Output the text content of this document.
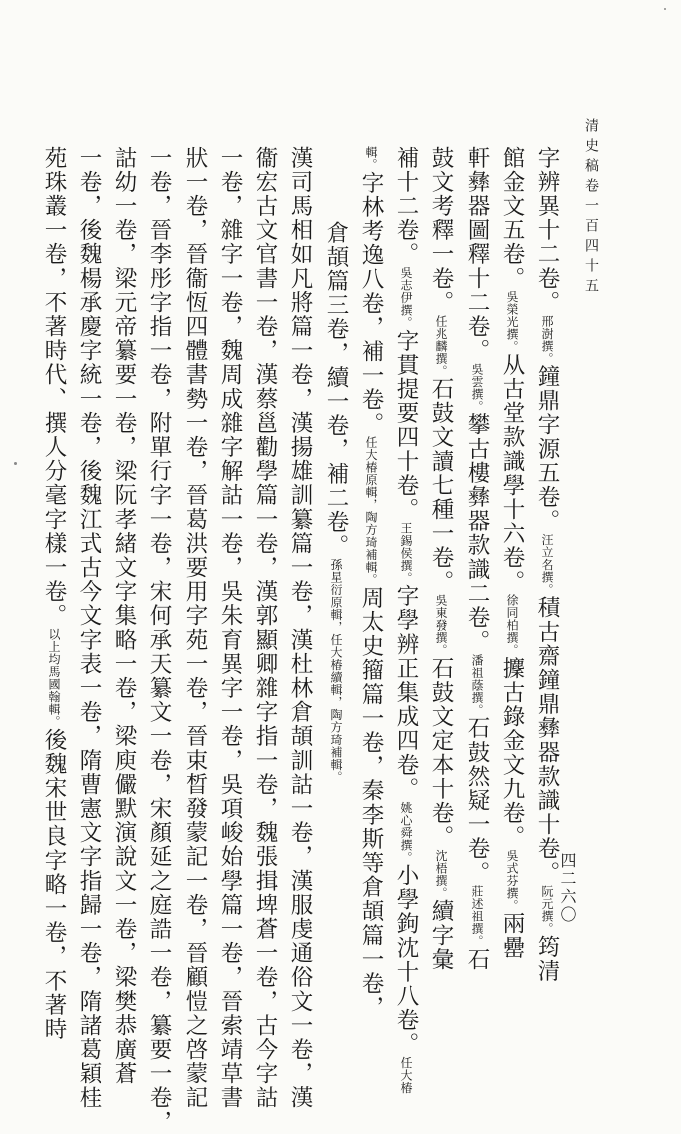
清史稿卷一百四十五
四二六〇
字辨異十二卷。邢澍撰。鐘鼎字源五卷。汪立名撰。積古齋鐘鼎彝器款識十卷。阮元撰。筠清
館金文五卷。吳榮光撰。从古堂款識學十六卷。徐同柏撰。攈古錄金文九卷。吳式芬撰。兩罍
軒彝器圖釋十二卷。吳雲撰。攀古樓彝器款識二卷。潘祖蔭撰。石鼓然疑一卷。莊述祖撰。石
鼓文考釋一卷。任兆麟撰。石鼓文讀七種一卷。吳東發撰。石鼓文定本十卷。沈梧撰。續字彙
補十二卷。吳志伊撰。字貫提要四十卷。王錫侯撰。字學辨正集成四卷。姚心舜撰。小學鉤沈十八卷。任大椿
輯。字林考逸八卷，補一卷。任大椿原輯，陶方琦補輯。周太史籀篇一卷，秦李斯等倉頡篇一卷，
倉頡篇三卷，續一卷，補二卷。孫星衍原輯，任大椿續輯，陶方琦補輯。
漢司馬相如凡將篇一卷，漢揚雄訓纂篇一卷，漢杜林倉頡訓詁一卷，漢服虔通俗文一卷，漢
衞宏古文官書一卷，漢蔡邕勸學篇一卷，漢郭顯卿雜字指一卷，魏張揖埤蒼一卷，古今字詁
一卷，雜字一卷，魏周成雜字解詁一卷，吳朱育異字一卷，吳項峻始學篇一卷，晉索靖草書
狀一卷，晉衞恆四體書勢一卷，晉葛洪要用字苑一卷，晉束晳發蒙記一卷，晉顧愷之啓蒙記
一卷，晉李彤字指一卷，附單行字一卷，宋何承天纂文一卷，宋顏延之庭誥一卷，纂要一卷，
詁幼一卷，梁元帝纂要一卷，梁阮孝緒文字集略一卷，梁庾儼默演說文一卷，梁樊恭廣蒼
一卷，後魏楊承慶字統一卷，後魏江式古今文字表一卷，隋曹憲文字指歸一卷，隋諸葛穎桂
苑珠叢一卷，不著時代、撰人分毫字樣一卷。以上均馬國翰輯。後魏宋世良字略一卷，不著時
